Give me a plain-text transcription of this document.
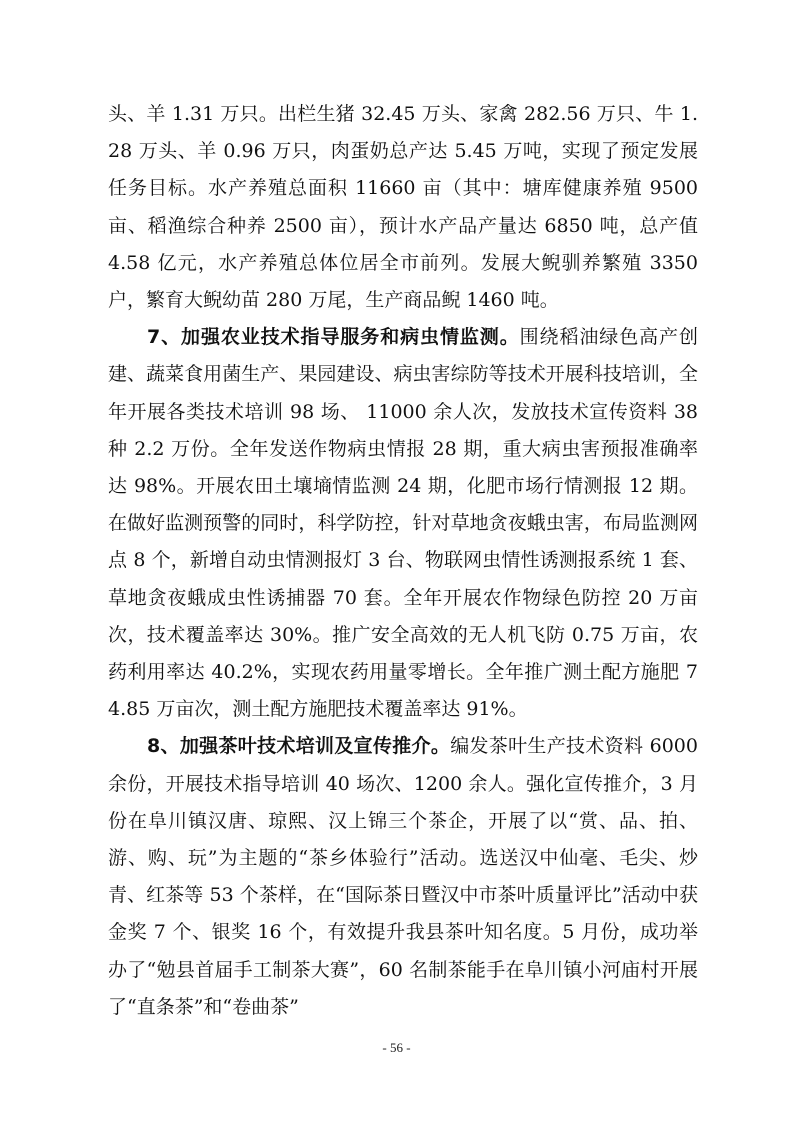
头、羊 1.31 万只。出栏生猪 32.45 万头、家禽 282.56 万只、牛 1.28 万头、羊 0.96 万只，肉蛋奶总产达 5.45 万吨，实现了预定发展任务目标。水产养殖总面积 11660 亩（其中：塘库健康养殖 9500 亩、稻渔综合种养 2500 亩），预计水产品产量达 6850 吨，总产值 4.58 亿元，水产养殖总体位居全市前列。发展大鲵驯养繁殖 3350 户，繁育大鲵幼苗 280 万尾，生产商品鲵 1460 吨。

7、加强农业技术指导服务和病虫情监测。围绕稻油绿色高产创建、蔬菜食用菌生产、果园建设、病虫害综防等技术开展科技培训，全年开展各类技术培训 98 场、 11000 余人次，发放技术宣传资料 38 种 2.2 万份。全年发送作物病虫情报 28 期，重大病虫害预报准确率达 98%。开展农田土壤墒情监测 24 期，化肥市场行情测报 12 期。在做好监测预警的同时，科学防控，针对草地贪夜蛾虫害，布局监测网点 8 个，新增自动虫情测报灯 3 台、物联网虫情性诱测报系统 1 套、草地贪夜蛾成虫性诱捕器 70 套。全年开展农作物绿色防控 20 万亩次，技术覆盖率达 30%。推广安全高效的无人机飞防 0.75 万亩，农药利用率达 40.2%，实现农药用量零增长。全年推广测土配方施肥 74.85 万亩次，测土配方施肥技术覆盖率达 91%。

8、加强茶叶技术培训及宣传推介。编发茶叶生产技术资料 6000 余份，开展技术指导培训 40 场次、1200 余人。强化宣传推介，3 月份在阜川镇汉唐、琼熙、汉上锦三个茶企，开展了以“赏、品、拍、游、购、玩”为主题的“茶乡体验行”活动。选送汉中仙毫、毛尖、炒青、红茶等 53 个茶样，在“国际茶日暨汉中市茶叶质量评比”活动中获金奖 7 个、银奖 16 个，有效提升我县茶叶知名度。5 月份，成功举办了“勉县首届手工制茶大赛”，60 名制茶能手在阜川镇小河庙村开展了“直条茶”和“卷曲茶”

- 56 -
